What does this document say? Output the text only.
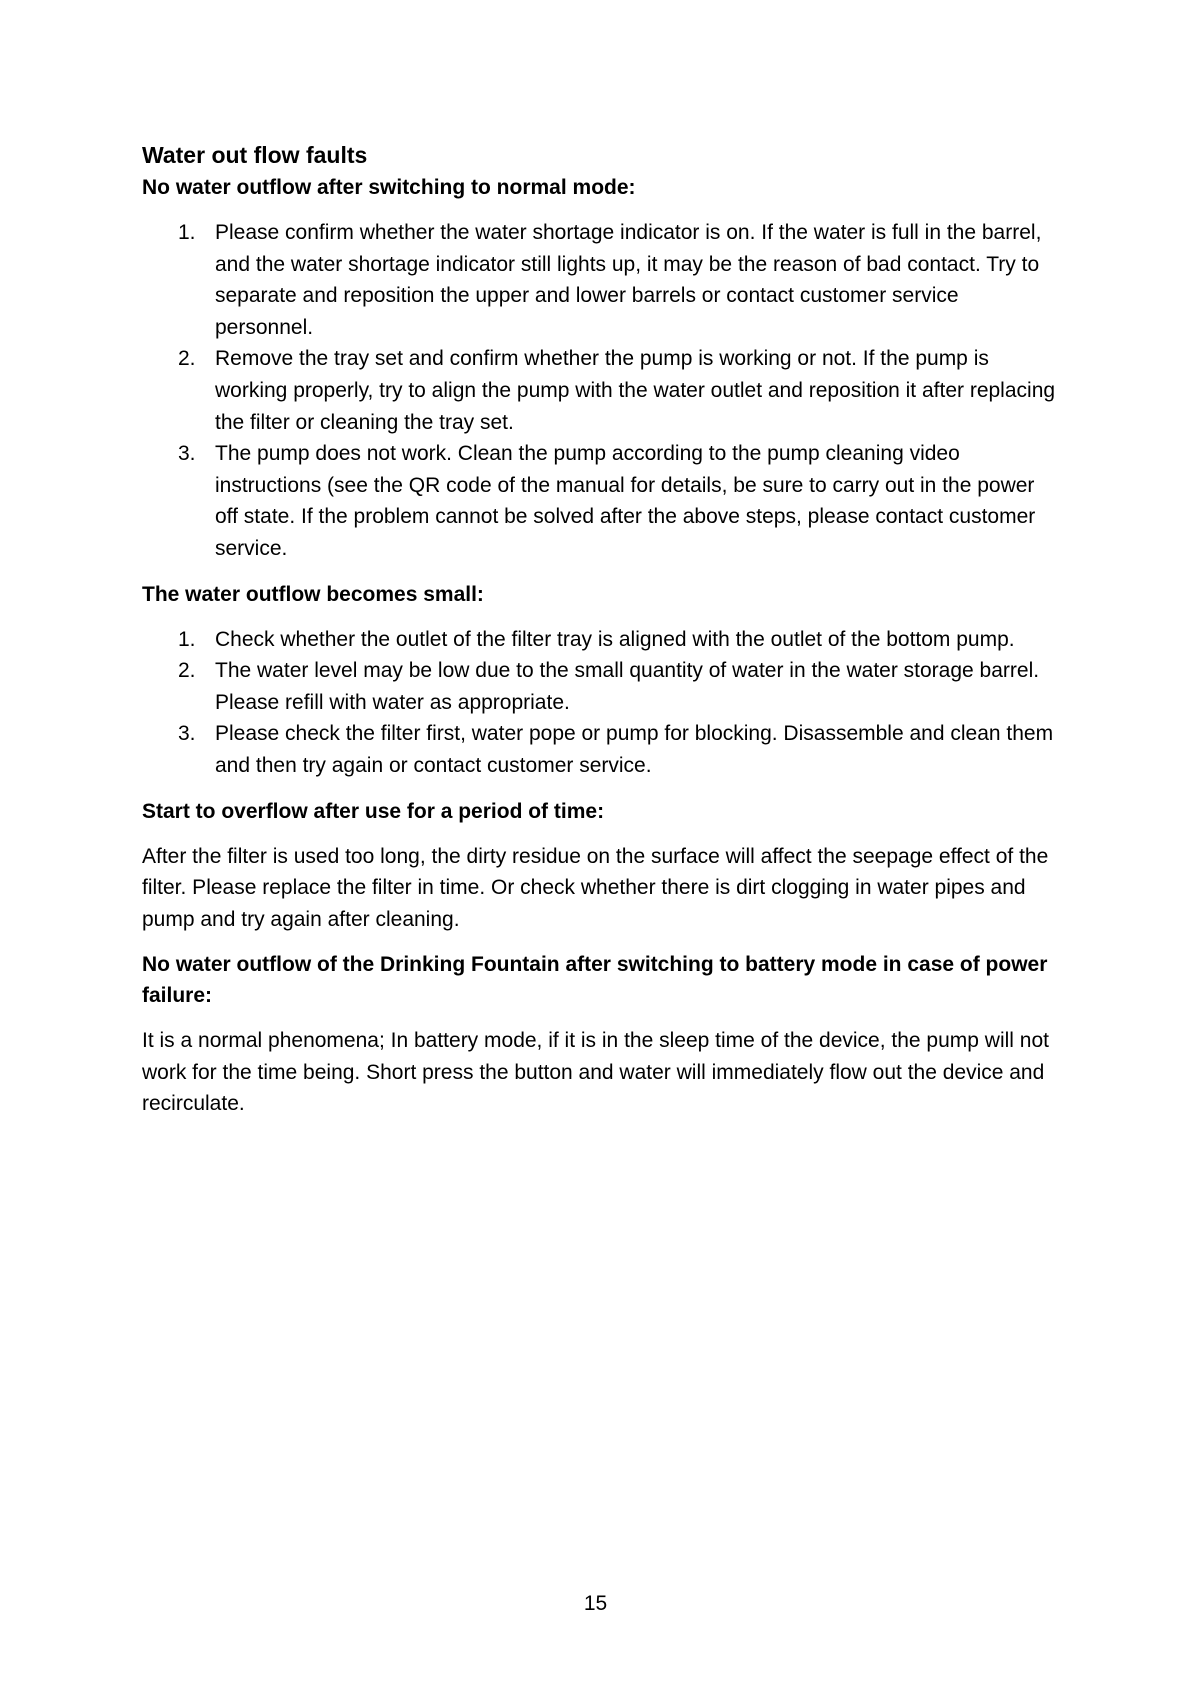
Water out flow faults
No water outflow after switching to normal mode:
1. Please confirm whether the water shortage indicator is on. If the water is full in the barrel, and the water shortage indicator still lights up, it may be the reason of bad contact. Try to separate and reposition the upper and lower barrels or contact customer service personnel.
2. Remove the tray set and confirm whether the pump is working or not. If the pump is working properly, try to align the pump with the water outlet and reposition it after replacing the filter or cleaning the tray set.
3. The pump does not work. Clean the pump according to the pump cleaning video instructions (see the QR code of the manual for details, be sure to carry out in the power off state. If the problem cannot be solved after the above steps, please contact customer service.
The water outflow becomes small:
1. Check whether the outlet of the filter tray is aligned with the outlet of the bottom pump.
2. The water level may be low due to the small quantity of water in the water storage barrel. Please refill with water as appropriate.
3. Please check the filter first, water pope or pump for blocking. Disassemble and clean them and then try again or contact customer service.
Start to overflow after use for a period of time:

After the filter is used too long, the dirty residue on the surface will affect the seepage effect of the filter. Please replace the filter in time. Or check whether there is dirt clogging in water pipes and pump and try again after cleaning.

No water outflow of the Drinking Fountain after switching to battery mode in case of power failure:

It is a normal phenomena; In battery mode, if it is in the sleep time of the device, the pump will not work for the time being. Short press the button and water will immediately flow out the device and recirculate.

15
